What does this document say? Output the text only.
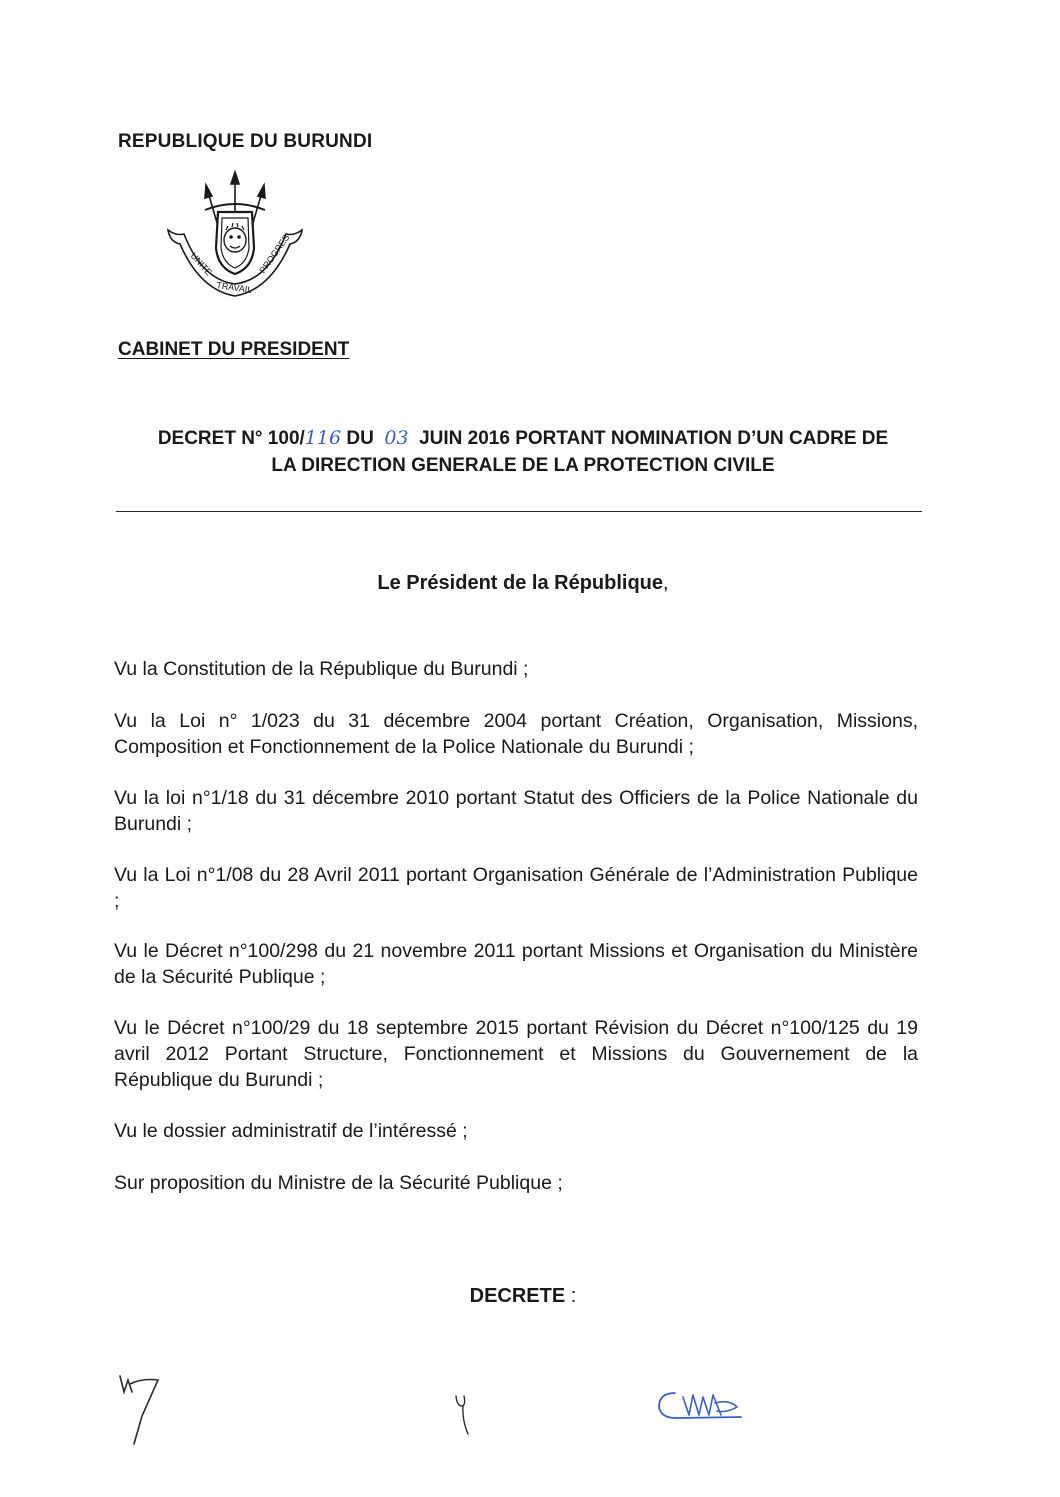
REPUBLIQUE DU BURUNDI
UNITE
TRAVAIL
PROGRES
CABINET DU PRESIDENT
DECRET N° 100/116 DU 03 JUIN 2016 PORTANT NOMINATION D’UN CADRE DE
LA DIRECTION GENERALE DE LA PROTECTION CIVILE
Le Président de la République,

Vu la Constitution de la République du Burundi ;

Vu la Loi n° 1/023 du 31 décembre 2004 portant Création, Organisation, Missions, Composition et Fonctionnement de la Police Nationale du Burundi ;

Vu la loi n°1/18 du 31 décembre 2010 portant Statut des Officiers de la Police Nationale du Burundi ;

Vu la Loi n°1/08 du 28 Avril 2011 portant Organisation Générale de l’Administration Publique ;

Vu le Décret n°100/298 du 21 novembre 2011 portant Missions et Organisation du Ministère de la Sécurité Publique ;

Vu le Décret n°100/29 du 18 septembre 2015 portant Révision du Décret n°100/125 du 19 avril 2012 Portant Structure, Fonctionnement et Missions du Gouvernement de la République du Burundi ;

Vu le dossier administratif de l’intéressé ;

Sur proposition du Ministre de la Sécurité Publique ;

DECRETE :
